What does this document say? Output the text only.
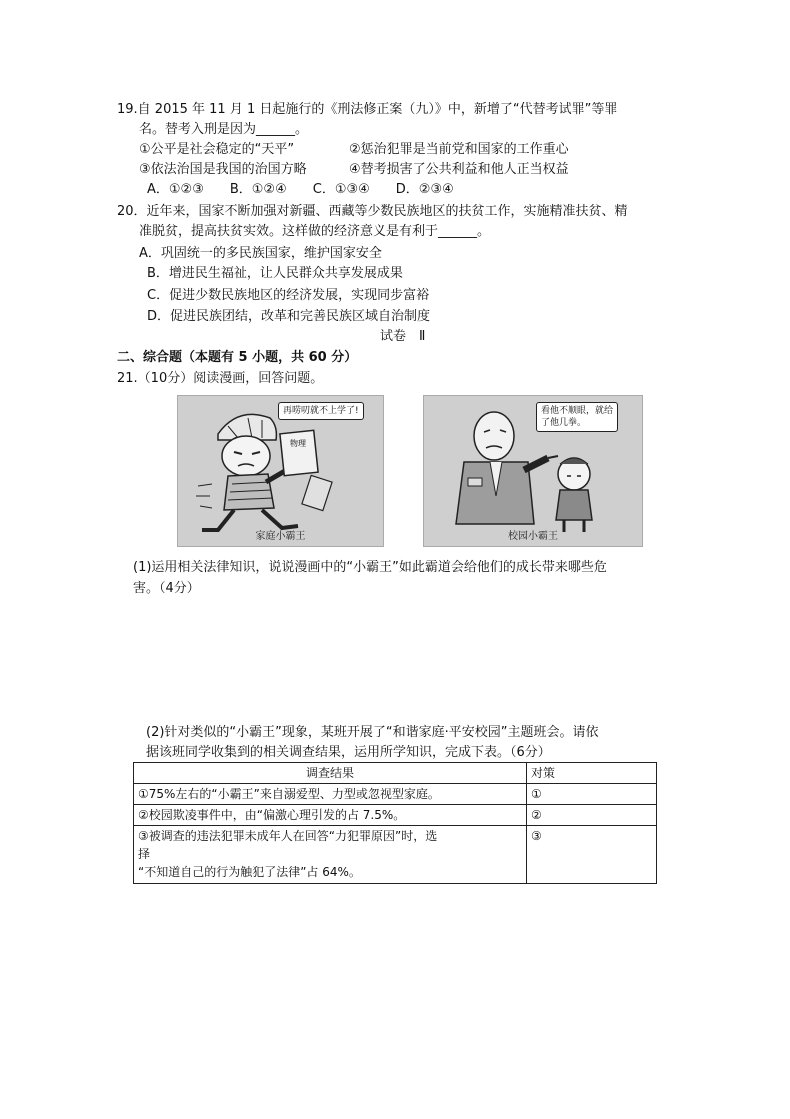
19.自 2015 年 11 月 1 日起施行的《刑法修正案（九）》中，新增了“代替考试罪”等罪
名。替考入刑是因为______。
①公平是社会稳定的“天平”	②惩治犯罪是当前党和国家的工作重心
③依法治国是我国的治国方略	④替考损害了公共利益和他人正当权益
A．①②③　　B．①②④　　C．①③④　　D．②③④
20．近年来，国家不断加强对新疆、西藏等少数民族地区的扶贫工作，实施精准扶贫、精
准脱贫，提高扶贫实效。这样做的经济意义是有利于______。
A．巩固统一的多民族国家，维护国家安全
B．增进民生福祉，让人民群众共享发展成果
C．促进少数民族地区的经济发展，实现同步富裕
D．促进民族团结，改革和完善民族区域自治制度
试卷　Ⅱ
二、综合题（本题有 5 小题，共 60 分）
21.（10分）阅读漫画，回答问题。
物理
再唠叨就不上学了!
家庭小霸王
看他不顺眼，就给
了他几拳。
校园小霸王
(1)运用相关法律知识，说说漫画中的“小霸王”如此霸道会给他们的成长带来哪些危
害。（4分）
(2)针对类似的“小霸王”现象，某班开展了“和谐家庭·平安校园”主题班会。请依
据该班同学收集到的相关调查结果，运用所学知识，完成下表。（6分）
调查结果	对策
①75%左右的“小霸王”来自溺爱型、力型或忽视型家庭。	①
②校园欺凌事件中，由“偏激心理引发的占 7.5%。	②

③被调查的违法犯罪未成年人在回答“力犯罪原因”时，选
择
“不知道自己的行为触犯了法律”占 64%。	③
